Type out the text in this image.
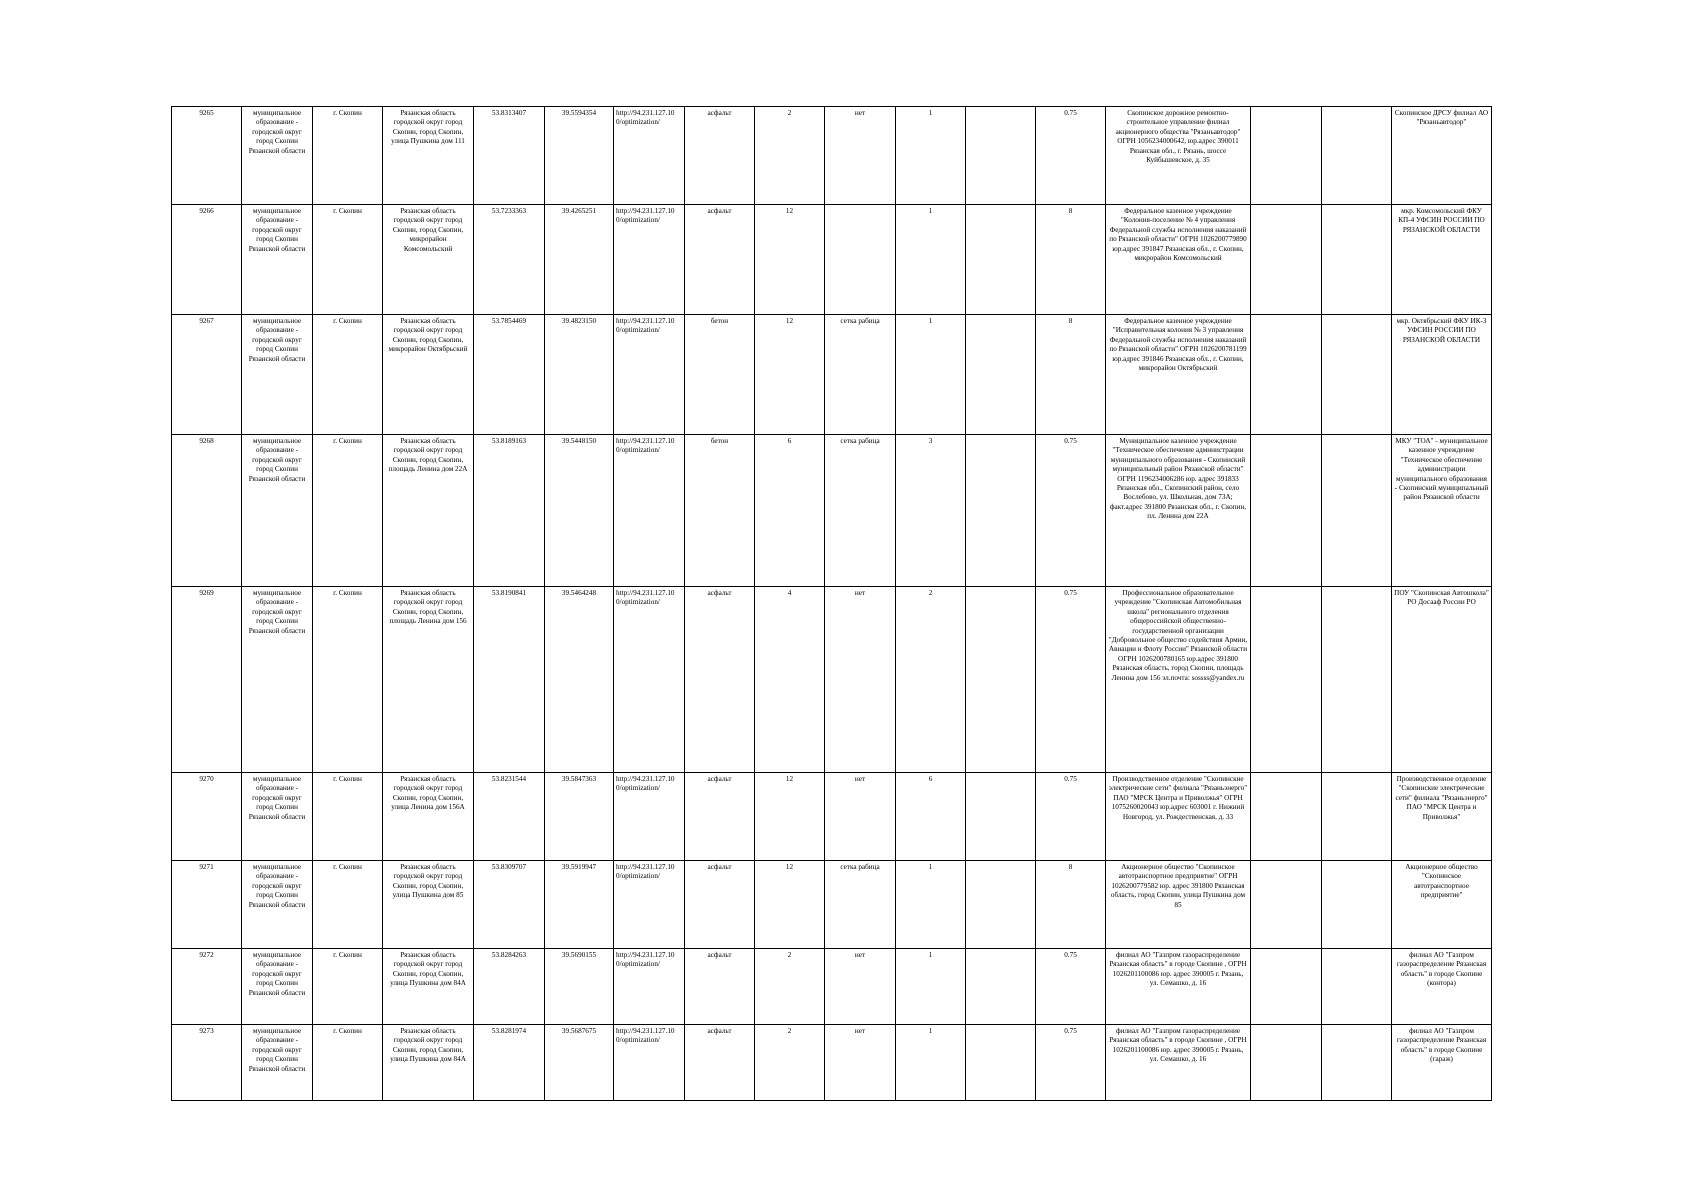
9265	муниципальное образование - городской округ город Скопин Рязанской области	г. Скопин	Рязанская область городской округ город Скопин, город Скопин, улица Пушкина дом 111	53.8313407	39.5594354	http://94.231.127.10 0/optimization/	асфальт	2	нет	1		0.75	Скопинское дорожное ремонтно-строительное управление филиал акционерного общества "Рязаньавтодор" ОГРН 1056234000642, юр.адрес 390011 Рязанская обл., г. Рязань, шоссе Куйбышевское, д. 35			Скопинское ДРСУ филиал АО "Рязаньавтодор"
9266	муниципальное образование - городской округ город Скопин Рязанской области	г. Скопин	Рязанская область городской округ город Скопин, город Скопин, микрорайон Комсомольский	53.7233363	39.4265251	http://94.231.127.10 0/optimization/	асфальт	12		1		8	Федеральное казенное учреждение "Колония-поселение № 4 управления Федеральной службы исполнения наказаний по Рязанской области" ОГРН 1026200779890 юр.адрес 391847 Рязанская обл., г. Скопин, микрорайон Комсомольский			мкр. Комсомольский ФКУ КП-4 УФСИН РОССИИ ПО РЯЗАНСКОЙ ОБЛАСТИ
9267	муниципальное образование - городской округ город Скопин Рязанской области	г. Скопин	Рязанская область городской округ город Скопин, город Скопин, микрорайон Октябрьский	53.7854469	39.4823150	http://94.231.127.10 0/optimization/	бетон	12	сетка рабица	1		8	Федеральное казенное учреждение "Исправительная колония № 3 управления Федеральной службы исполнения наказаний по Рязанской области" ОГРН 1026200781199 юр.адрес 391846 Рязанская обл., г. Скопин, микрорайон Октябрьский			мкр. Октябрьский ФКУ ИК-3 УФСИН РОССИИ ПО РЯЗАНСКОЙ ОБЛАСТИ
9268	муниципальное образование - городской округ город Скопин Рязанской области	г. Скопин	Рязанская область городской округ город Скопин, город Скопин, площадь Ленина дом 22А	53.8189163	39.5448150	http://94.231.127.10 0/optimization/	бетон	6	сетка рабица	3		0.75	Муниципальное казенное учреждение "Техническое обеспечение администрации муниципального образования - Скопинский муниципальный район Рязанской области" ОГРН 1196234006286 юр. адрес 391833 Рязанская обл., Скопинский район, село Вослебово, ул. Школьная, дом 73А; факт.адрес 391800 Рязанская обл., г. Скопин, пл. Ленина дом 22А			МКУ "ТОА" - муниципальное казенное учреждение "Техническое обеспечение администрации муниципального образования - Скопинский муниципальный район Рязанской области
9269	муниципальное образование - городской округ город Скопин Рязанской области	г. Скопин	Рязанская область городской округ город Скопин, город Скопин, площадь Ленина дом 156	53.8190841	39.5464248	http://94.231.127.10 0/optimization/	асфальт	4	нет	2		0.75	Профессиональное образовательное учреждение "Скопинская Автомобильная школа" регионального отделения общероссийской общественно-государственной организации "Добровольное общество содействия Армии, Авиации и Флоту России" Рязанской области ОГРН 1026200780165 юр.адрес 391800 Рязанская область, город Скопин, площадь Ленина дом 156 эл.почта: sossss@yandex.ru			ПОУ "Скопинская Автошкола" РО Досааф России РО
9270	муниципальное образование - городской округ город Скопин Рязанской области	г. Скопин	Рязанская область городской округ город Скопин, город Скопин, улица Ленина дом 156А	53.8231544	39.5847363	http://94.231.127.10 0/optimization/	асфальт	12	нет	6		0.75	Производственное отделение "Скопинские электрические сети" филиала "Рязаньэнерго" ПАО "МРСК Центра и Приволжья" ОГРН 1075260020043 юр.адрес 603001 г. Нижний Новгород, ул. Рождественская, д. 33			Производственное отделение "Скопинские электрические сети" филиала "Рязаньэнерго" ПАО "МРСК Центра и Приволжья"
9271	муниципальное образование - городской округ город Скопин Рязанской области	г. Скопин	Рязанская область городской округ город Скопин, город Скопин, улица Пушкина дом 85	53.8309707	39.5919947	http://94.231.127.10 0/optimization/	асфальт	12	сетка рабица	1		8	Акционерное общество "Скопинское автотранспортное предприятие" ОГРН 1026200779582 юр. адрес 391800 Рязанская область, город Скопин, улица Пушкина дом 85			Акционерное общество "Скопинское автотранспортное предприятие"
9272	муниципальное образование - городской округ город Скопин Рязанской области	г. Скопин	Рязанская область городской округ город Скопин, город Скопин, улица Пушкина дом 84А	53.8284263	39.5690155	http://94.231.127.10 0/optimization/	асфальт	2	нет	1		0.75	филиал АО "Газпром газораспределение Рязанская область" в городе Скопине , ОГРН 1026201100086 юр. адрес 390005 г. Рязань, ул. Семашко, д. 16			филиал АО "Газпром газораспределение Рязанская область" в городе Скопине (контора)
9273	муниципальное образование - городской округ город Скопин Рязанской области	г. Скопин	Рязанская область городской округ город Скопин, город Скопин, улица Пушкина дом 84А	53.8281974	39.5687675	http://94.231.127.10 0/optimization/	асфальт	2	нет	1		0.75	филиал АО "Газпром газораспределение Рязанская область" в городе Скопине , ОГРН 1026201100086 юр. адрес 390005 г. Рязань, ул. Семашко, д. 16			филиал АО "Газпром газораспределение Рязанская область" в городе Скопине (гараж)
